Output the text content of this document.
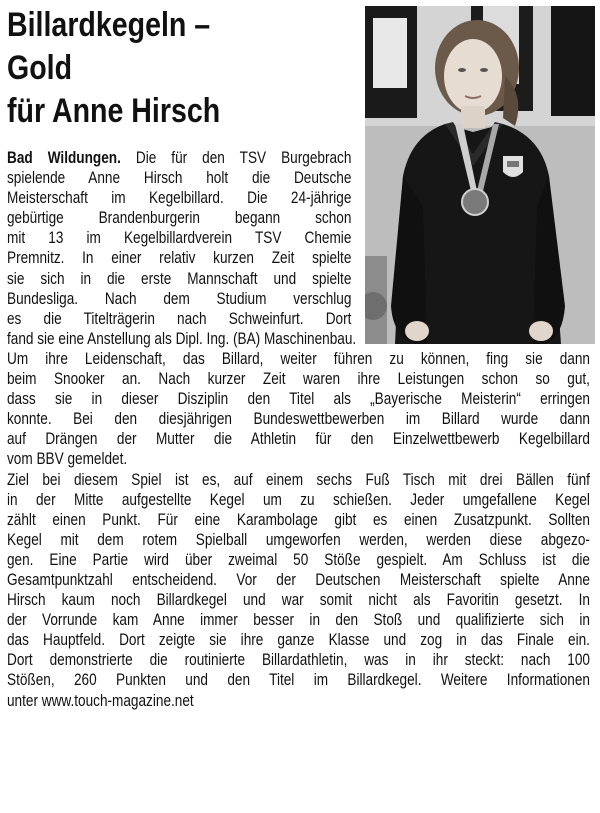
Billardkegeln –
Gold
für Anne Hirsch
Bad Wildungen. Die für den TSV Burgebrach
spielende Anne Hirsch holt die Deutsche
Meisterschaft im Kegelbillard. Die 24-jährige
gebürtige Brandenburgerin begann schon
mit 13 im Kegelbillardverein TSV Chemie
Premnitz. In einer relativ kurzen Zeit spielte
sie sich in die erste Mannschaft und spielte
Bundesliga. Nach dem Studium verschlug
es die Titelträgerin nach Schweinfurt. Dort
fand sie eine Anstellung als Dipl. Ing. (BA) Maschinenbau.
Um ihre Leidenschaft, das Billard, weiter führen zu können, fing sie dann
beim Snooker an. Nach kurzer Zeit waren ihre Leistungen schon so gut,
dass sie in dieser Disziplin den Titel als „Bayerische Meisterin“ erringen
konnte. Bei den diesjährigen Bundeswettbewerben im Billard wurde dann
auf Drängen der Mutter die Athletin für den Einzelwettbewerb Kegelbillard
vom BBV gemeldet.
Ziel bei diesem Spiel ist es, auf einem sechs Fuß Tisch mit drei Bällen fünf
in der Mitte aufgestellte Kegel um zu schießen. Jeder umgefallene Kegel
zählt einen Punkt. Für eine Karambolage gibt es einen Zusatzpunkt. Sollten
Kegel mit dem rotem Spielball umgeworfen werden, werden diese abgezo-
gen. Eine Partie wird über zweimal 50 Stöße gespielt. Am Schluss ist die
Gesamtpunktzahl entscheidend. Vor der Deutschen Meisterschaft spielte Anne
Hirsch kaum noch Billardkegel und war somit nicht als Favoritin gesetzt. In
der Vorrunde kam Anne immer besser in den Stoß und qualifizierte sich in
das Hauptfeld. Dort zeigte sie ihre ganze Klasse und zog in das Finale ein.
Dort demonstrierte die routinierte Billardathletin, was in ihr steckt: nach 100
Stößen, 260 Punkten und den Titel im Billardkegel. Weitere Informationen
unter www.touch-magazine.net
